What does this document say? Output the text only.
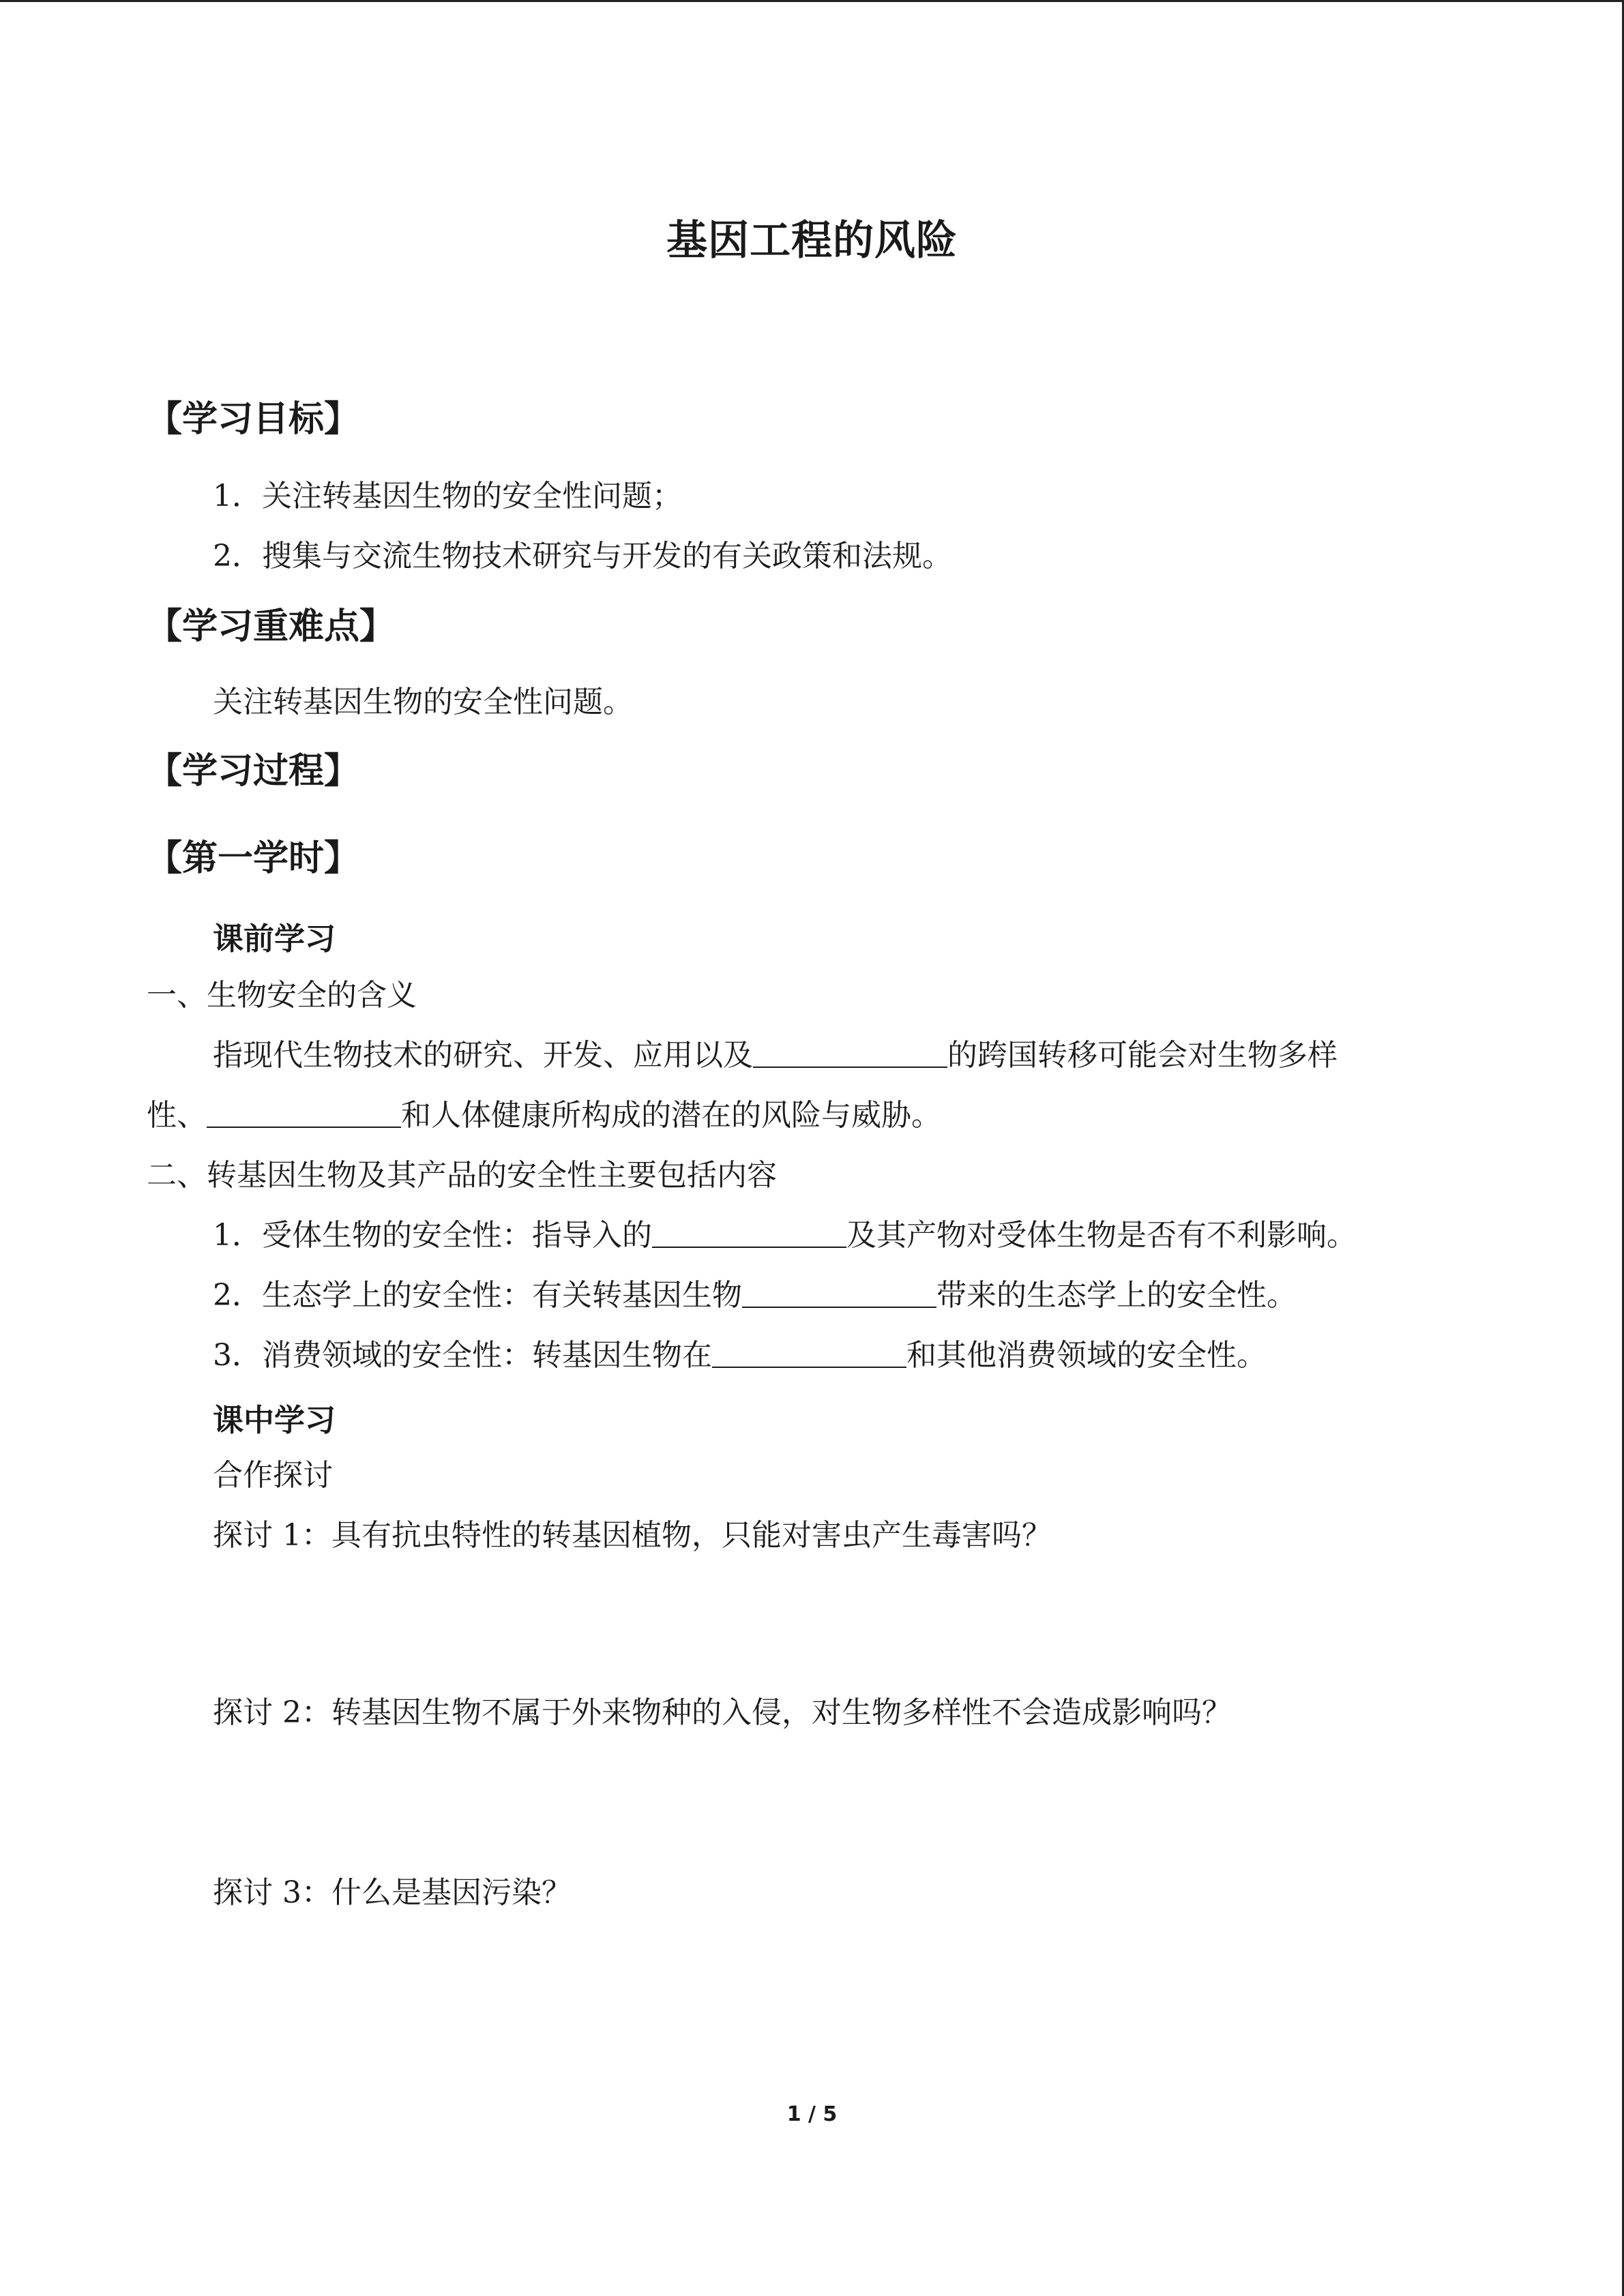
基因工程的风险
【学习目标】
1．关注转基因生物的安全性问题；
2．搜集与交流生物技术研究与开发的有关政策和法规。
【学习重难点】
关注转基因生物的安全性问题。
【学习过程】
【第一学时】
课前学习
一、生物安全的含义
指现代生物技术的研究、开发、应用以及	的跨国转移可能会对生物多样
性、	和人体健康所构成的潜在的风险与威胁。
二、转基因生物及其产品的安全性主要包括内容
1．受体生物的安全性：指导入的	及其产物对受体生物是否有不利影响。
2．生态学上的安全性：有关转基因生物	带来的生态学上的安全性。
3．消费领域的安全性：转基因生物在	和其他消费领域的安全性。
课中学习
合作探讨
探讨 1：具有抗虫特性的转基因植物，只能对害虫产生毒害吗？
探讨 2：转基因生物不属于外来物种的入侵，对生物多样性不会造成影响吗？
探讨 3：什么是基因污染？
1 / 5
